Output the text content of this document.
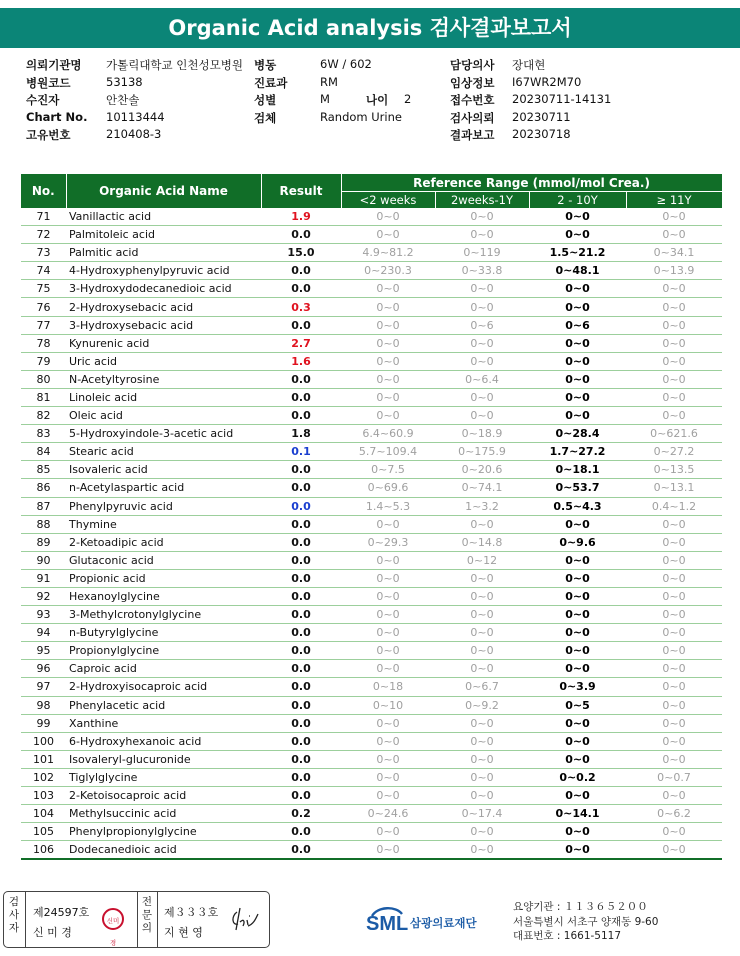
Organic Acid analysis 검사결과보고서
의뢰기관명 가톨릭대학교 인천성모병원 병동	6W / 602	담당의사 장대현
병원코드	53138	진료과	RM	임상정보 I67WR2M70
수진자	안찬솔	성별	M	나이 2	접수번호 20230711-14131
Chart No. 10113444	검체	Random Urine	검사의뢰 20230711
고유번호	210408-3	결과보고 20230718
No.	Organic Acid Name	Result	Reference Range (mmol/mol Crea.)			
			<2 weeks	2weeks-1Y	2 - 10Y	≥ 11Y
71	Vanillactic acid	1.9	0~0	0~0	0~0	0~0
72	Palmitoleic acid	0.0	0~0	0~0	0~0	0~0
73	Palmitic acid	15.0	4.9~81.2	0~119	1.5~21.2	0~34.1
74	4-Hydroxyphenylpyruvic acid	0.0	0~230.3	0~33.8	0~48.1	0~13.9
75	3-Hydroxydodecanedioic acid	0.0	0~0	0~0	0~0	0~0
76	2-Hydroxysebacic acid	0.3	0~0	0~0	0~0	0~0
77	3-Hydroxysebacic acid	0.0	0~0	0~6	0~6	0~0
78	Kynurenic acid	2.7	0~0	0~0	0~0	0~0
79	Uric acid	1.6	0~0	0~0	0~0	0~0
80	N-Acetyltyrosine	0.0	0~0	0~6.4	0~0	0~0
81	Linoleic acid	0.0	0~0	0~0	0~0	0~0
82	Oleic acid	0.0	0~0	0~0	0~0	0~0
83	5-Hydroxyindole-3-acetic acid	1.8	6.4~60.9	0~18.9	0~28.4	0~621.6
84	Stearic acid	0.1	5.7~109.4	0~175.9	1.7~27.2	0~27.2
85	Isovaleric acid	0.0	0~7.5	0~20.6	0~18.1	0~13.5
86	n-Acetylaspartic acid	0.0	0~69.6	0~74.1	0~53.7	0~13.1
87	Phenylpyruvic acid	0.0	1.4~5.3	1~3.2	0.5~4.3	0.4~1.2
88	Thymine	0.0	0~0	0~0	0~0	0~0
89	2-Ketoadipic acid	0.0	0~29.3	0~14.8	0~9.6	0~0
90	Glutaconic acid	0.0	0~0	0~12	0~0	0~0
91	Propionic acid	0.0	0~0	0~0	0~0	0~0
92	Hexanoylglycine	0.0	0~0	0~0	0~0	0~0
93	3-Methylcrotonylglycine	0.0	0~0	0~0	0~0	0~0
94	n-Butyrylglycine	0.0	0~0	0~0	0~0	0~0
95	Propionylglycine	0.0	0~0	0~0	0~0	0~0
96	Caproic acid	0.0	0~0	0~0	0~0	0~0
97	2-Hydroxyisocaproic acid	0.0	0~18	0~6.7	0~3.9	0~0
98	Phenylacetic acid	0.0	0~10	0~9.2	0~5	0~0
99	Xanthine	0.0	0~0	0~0	0~0	0~0
100	6-Hydroxyhexanoic acid	0.0	0~0	0~0	0~0	0~0
101	Isovaleryl-glucuronide	0.0	0~0	0~0	0~0	0~0
102	Tiglylglycine	0.0	0~0	0~0	0~0.2	0~0.7
103	2-Ketoisocaproic acid	0.0	0~0	0~0	0~0	0~0
104	Methylsuccinic acid	0.2	0~24.6	0~17.4	0~14.1	0~6.2
105	Phenylpropionylglycine	0.0	0~0	0~0	0~0	0~0
106	Dodecanedioic acid	0.0	0~0	0~0	0~0	0~0
검사자
제24597호
신 미 경
신미경
전문의
제３３３호
지 현 영	SML 삼광의료재단
요양기관 : １１３６５２００
서울특별시 서초구 양재동 9-60
대표번호 : 1661-5117
